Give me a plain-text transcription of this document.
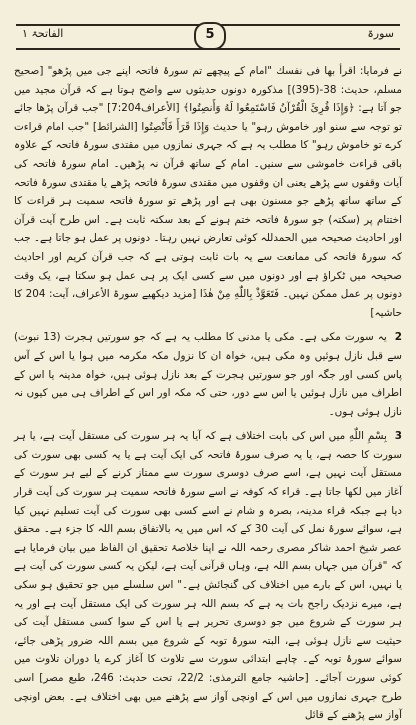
الفاتحۃ ۱	5	سورۃ

نے فرمایا: اقرأ بھا فی نفسك "امام کے پیچھے تم سورۂ فاتحہ اپنے جی میں پڑھو" [صحیح مسلم، حدیث: 38-(395)] مذکورہ دونوں حدیثوں سے واضح ہوتا ہے کہ قرآن مجید میں جو آتا ہے: ﴿وَإِذَا قُرِئَ الْقُرْآنُ فَاسْتَمِعُوا لَهُ وَأَنصِتُوا﴾ [الأعراف7:204] "جب قرآن پڑھا جائے تو توجہ سے سنو اور خاموش رہو" یا حدیث وَإِذَا قَرَأَ فَأَنْصِتُوا [الشرائط] "جب امام قراءت کرے تو خاموش رہو" کا مطلب یہ ہے کہ جہری نمازوں میں مقتدی سورۂ فاتحہ کے علاوہ باقی قراءت خاموشی سے سنیں۔ امام کے ساتھ قرآن نہ پڑھیں۔ امام سورۂ فاتحہ کی آیات وقفوں سے پڑھے یعنی ان وقفوں میں مقتدی سورۂ فاتحہ پڑھے یا مقتدی سورۂ فاتحہ کے ساتھ ساتھ پڑھے جو مسنون بھی ہے اور پڑھے تو سورۂ فاتحہ سمیت ہر قراءت کا اختتام پر (سکتہ) جو سورۂ فاتحہ ختم ہونے کے بعد سکتہ ثابت ہے۔ اس طرح آیت قرآن اور احادیث صحیحہ میں الحمدللہ کوئی تعارض نہیں رہتا۔ دونوں پر عمل ہو جاتا ہے۔ جب کہ سورۂ فاتحہ کی ممانعت سے یہ بات ثابت ہوتی ہے کہ جب قرآن کریم اور احادیث صحیحہ میں ٹکراؤ ہے اور دونوں میں سے کسی ایک پر ہی عمل ہو سکتا ہے، یک وقت دونوں پر عمل ممکن نہیں۔ فَتَعَوَّذْ بِاللّٰهِ مِنْ هٰذَا [مزید دیکھیے سورۃ الأعراف، آیت: 204 کا حاشیہ]

2 یہ سورت مکی ہے۔ مکی یا مدنی کا مطلب یہ ہے کہ جو سورتیں ہجرت (13 نبوت) سے قبل نازل ہوئیں وہ مکی ہیں، خواہ ان کا نزول مکہ مکرمہ میں ہوا یا اس کے آس پاس کسی اور جگہ اور جو سورتیں ہجرت کے بعد نازل ہوئی ہیں، خواہ مدینہ یا اس کے اطراف میں نازل ہوئیں یا اس سے دور، حتی کہ مکہ اور اس کے اطراف ہی میں کیوں نہ نازل ہوئی ہوں۔

3 بِسْمِ اللّٰهِ میں اس کی بابت اختلاف ہے کہ آیا یہ ہر سورت کی مستقل آیت ہے، یا ہر سورت کا حصہ ہے، یا یہ صرف سورۂ فاتحہ کی ایک آیت ہے یا یہ کسی بھی سورت کی مستقل آیت نہیں ہے، اسے صرف دوسری سورت سے ممتاز کرنے کے لیے ہر سورت کے آغاز میں لکھا جاتا ہے۔ قراء کہ کوفہ نے اسے سورۂ فاتحہ سمیت ہر سورت کی آیت قرار دیا ہے جبکہ قراء مدینہ، بصرہ و شام نے اسے کسی بھی سورت کی آیت تسلیم نہیں کیا ہے، سوائے سورۂ نمل کی آیت 30 کے کہ اس میں یہ بالاتفاق بسم اللہ کا جزء ہے۔ محقق عصر شیخ احمد شاکر مصری رحمہ اللہ نے اپنا خلاصۂ تحقیق ان الفاظ میں بیان فرمایا ہے کہ "قرآن میں جہاں بسم اللہ ہے، وہاں قرآنی آیت ہے، لیکن یہ کسی سورت کی آیت ہے یا نہیں، اس کے بارے میں اختلاف کی گنجائش ہے۔" اس سلسلے میں جو تحقیق ہو سکی ہے، میرے نزدیک راجح بات یہ ہے کہ بسم اللہ ہر سورت کی ایک مستقل آیت ہے اور یہ ہر سورت کے شروع میں جو دوسری تحریر ہے یا اس کے سوا کسی مستقل آیت کی حیثیت سے نازل ہوئی ہے، البتہ سورۂ توبہ کے شروع میں بسم اللہ ضرور پڑھی جائے، سوائے سورۂ توبہ کے۔ چاہے ابتدائی سورت سے تلاوت کا آغاز کرے یا دوران تلاوت میں کوئی سورت آجائے۔ [حاشیہ جامع الترمذی: 22/2، تحت حدیث: 246، طبع مصر] اسی طرح جہری نمازوں میں اس کے اونچی آواز سے پڑھنے میں بھی اختلاف ہے۔ بعض اونچی آواز سے پڑھنے کے قائل
